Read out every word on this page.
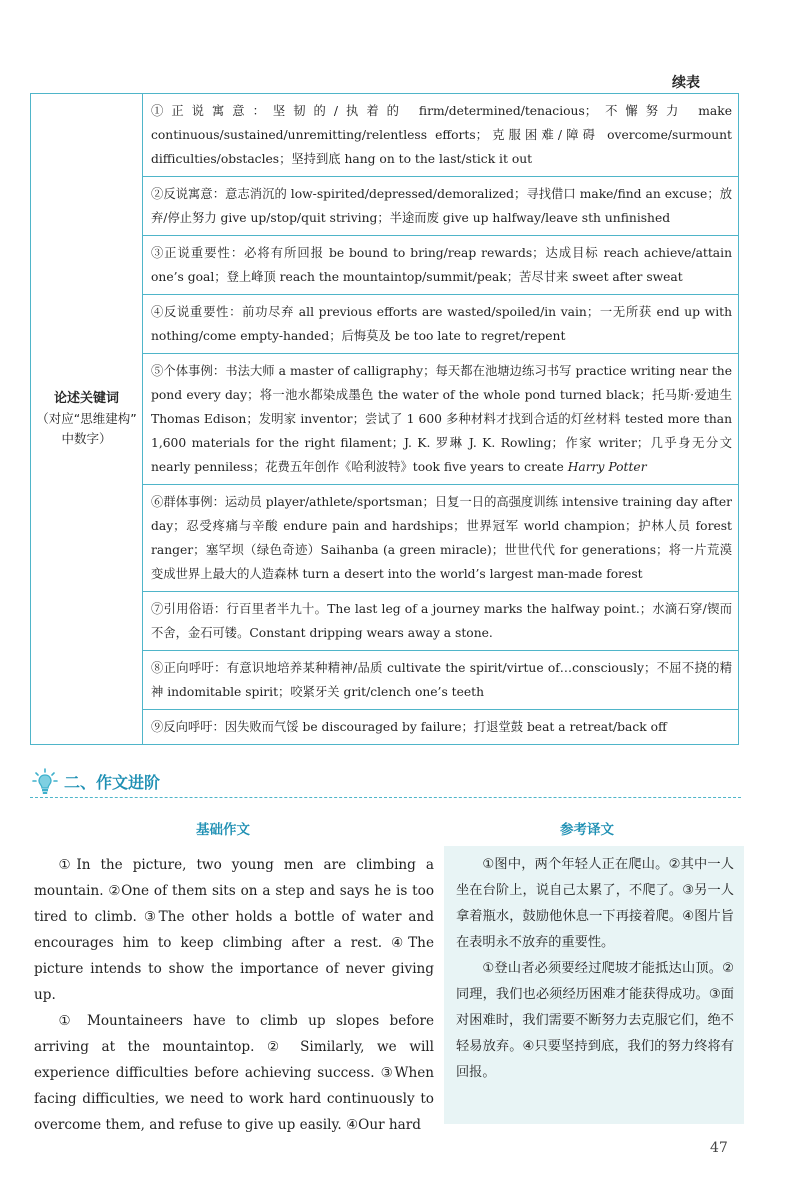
续表
论述关键词
（对应“思维建构”
中数字）
	①正说寓意：坚韧的/执着的 firm/determined/tenacious；不懈努力 make continuous/sustained/unremitting/relentless efforts；克服困难/障碍 overcome/surmount difficulties/obstacles；坚持到底 hang on to the last/stick it out
②反说寓意：意志消沉的 low-spirited/depressed/demoralized；寻找借口 make/find an excuse；放弃/停止努力 give up/stop/quit striving；半途而废 give up halfway/leave sth unfinished
③正说重要性：必将有所回报 be bound to bring/reap rewards；达成目标 reach achieve/attain one’s goal；登上峰顶 reach the mountaintop/summit/peak；苦尽甘来 sweet after sweat
④反说重要性：前功尽弃 all previous efforts are wasted/spoiled/in vain；一无所获 end up with nothing/come empty-handed；后悔莫及 be too late to regret/repent
⑤个体事例：书法大师 a master of calligraphy；每天都在池塘边练习书写 practice writing near the pond every day；将一池水都染成墨色 the water of the whole pond turned black；托马斯·爱迪生 Thomas Edison；发明家 inventor；尝试了 1 600 多种材料才找到合适的灯丝材料 tested more than 1,600 materials for the right filament；J. K. 罗琳 J. K. Rowling；作家 writer；几乎身无分文 nearly penniless；花费五年创作《哈利波特》took five years to create Harry Potter
⑥群体事例：运动员 player/athlete/sportsman；日复一日的高强度训练 intensive training day after day；忍受疼痛与辛酸 endure pain and hardships；世界冠军 world champion；护林人员 forest ranger；塞罕坝（绿色奇迹）Saihanba (a green miracle)；世世代代 for generations；将一片荒漠变成世界上最大的人造森林 turn a desert into the world’s largest man-made forest
⑦引用俗语：行百里者半九十。The last leg of a journey marks the halfway point.；水滴石穿/锲而不舍，金石可镂。Constant dripping wears away a stone.
⑧正向呼吁：有意识地培养某种精神/品质 cultivate the spirit/virtue of…consciously；不屈不挠的精神 indomitable spirit；咬紧牙关 grit/clench one’s teeth
⑨反向呼吁：因失败而气馁 be discouraged by failure；打退堂鼓 beat a retreat/back off
二、作文进阶
基础作文	参考译文

①In the picture, two young men are climbing a mountain. ②One of them sits on a step and says he is too tired to climb. ③The other holds a bottle of water and encourages him to keep climbing after a rest. ④The picture intends to show the importance of never giving up.

① Mountaineers have to climb up slopes before arriving at the mountaintop. ② Similarly, we will experience difficulties before achieving success. ③When facing difficulties, we need to work hard continuously to overcome them, and refuse to give up easily. ④Our hard

①图中，两个年轻人正在爬山。②其中一人坐在台阶上，说自己太累了，不爬了。③另一人拿着瓶水，鼓励他休息一下再接着爬。④图片旨在表明永不放弃的重要性。

①登山者必须要经过爬坡才能抵达山顶。②同理，我们也必须经历困难才能获得成功。③面对困难时，我们需要不断努力去克服它们，绝不轻易放弃。④只要坚持到底，我们的努力终将有回报。

47
